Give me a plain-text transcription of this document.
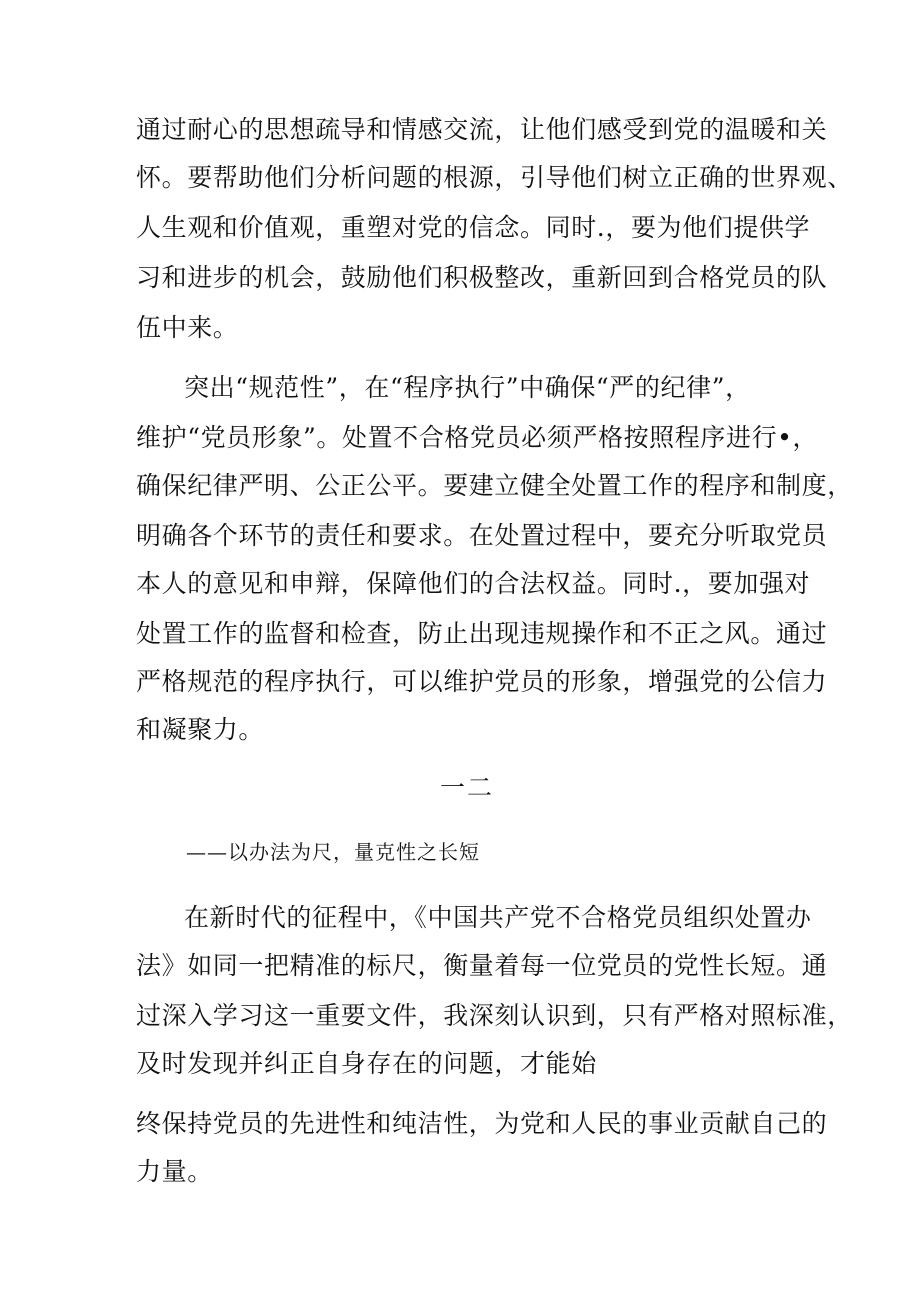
通过耐心的思想疏导和情感交流，让他们感受到党的温暖和关
怀。要帮助他们分析问题的根源，引导他们树立正确的世界观、
人生观和价值观，重塑对党的信念。同时.，要为他们提供学
习和进步的机会，鼓励他们积极整改，重新回到合格党员的队
伍中来。
突出“规范性”，在“程序执行”中确保“严的纪律”，
维护“党员形象”。处置不合格党员必须严格按照程序进行•，
确保纪律严明、公正公平。要建立健全处置工作的程序和制度，
明确各个环节的责任和要求。在处置过程中，要充分听取党员
本人的意见和申辩，保障他们的合法权益。同时.，要加强对
处置工作的监督和检查，防止出现违规操作和不正之风。通过
严格规范的程序执行，可以维护党员的形象，增强党的公信力
和凝聚力。
一二
——以办法为尺，量克性之长短
在新时代的征程中，《中国共产党不合格党员组织处置办
法》如同一把精准的标尺，衡量着每一位党员的党性长短。通
过深入学习这一重要文件，我深刻认识到，只有严格对照标准，
及时发现并纠正自身存在的问题，才能始
终保持党员的先进性和纯洁性，为党和人民的事业贡献自己的
力量。
